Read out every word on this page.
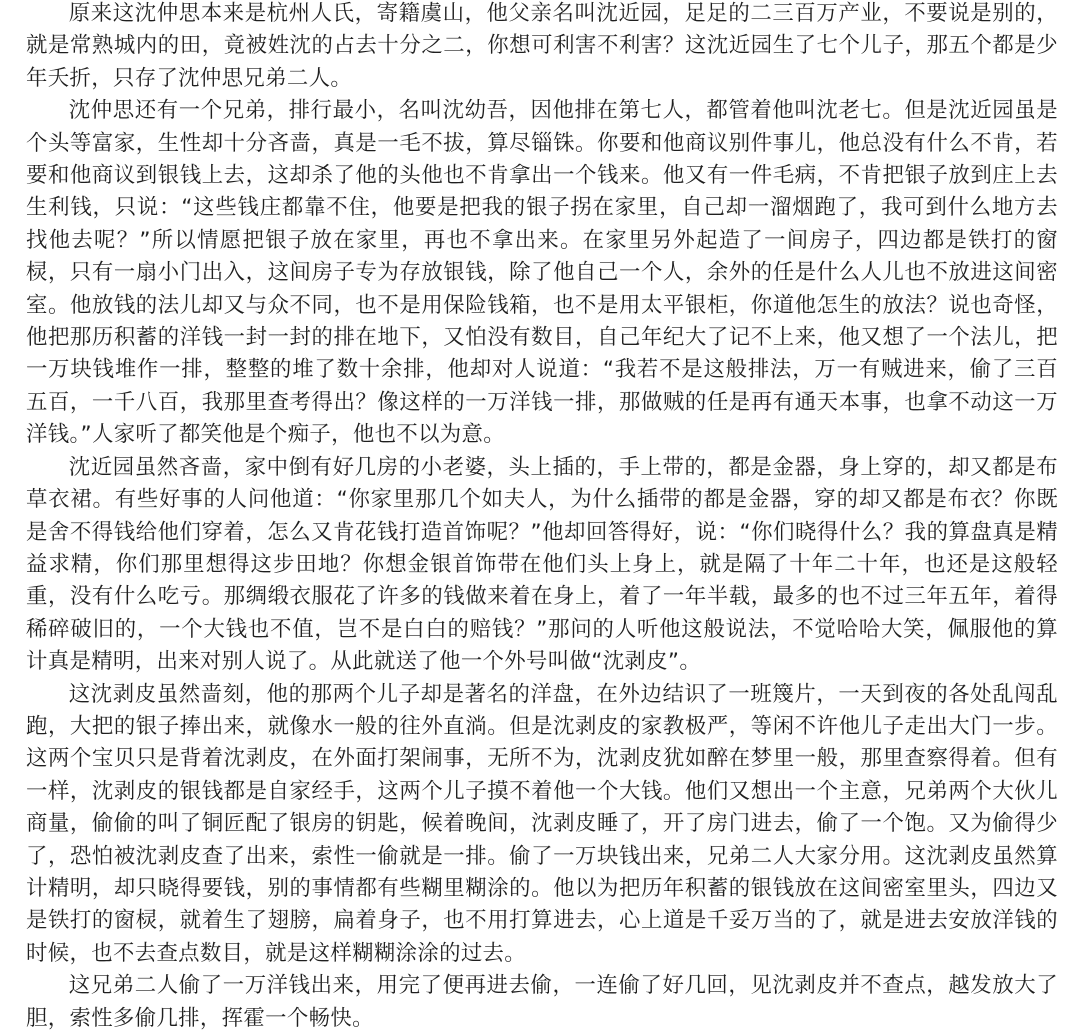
原来这沈仲思本来是杭州人氏，寄籍虞山，他父亲名叫沈近园，足足的二三百万产业，不要说是别的，就是常熟城内的田，竟被姓沈的占去十分之二，你想可利害不利害？这沈近园生了七个儿子，那五个都是少年夭折，只存了沈仲思兄弟二人。

沈仲思还有一个兄弟，排行最小，名叫沈幼吾，因他排在第七人，都管着他叫沈老七。但是沈近园虽是个头等富家，生性却十分吝啬，真是一毛不拔，算尽锱铢。你要和他商议别件事儿，他总没有什么不肯，若要和他商议到银钱上去，这却杀了他的头他也不肯拿出一个钱来。他又有一件毛病，不肯把银子放到庄上去生利钱，只说：“这些钱庄都靠不住，他要是把我的银子拐在家里，自己却一溜烟跑了，我可到什么地方去找他去呢？”所以情愿把银子放在家里，再也不拿出来。在家里另外起造了一间房子，四边都是铁打的窗棂，只有一扇小门出入，这间房子专为存放银钱，除了他自己一个人，余外的任是什么人儿也不放进这间密室。他放钱的法儿却又与众不同，也不是用保险钱箱，也不是用太平银柜，你道他怎生的放法？说也奇怪，他把那历积蓄的洋钱一封一封的排在地下，又怕没有数目，自己年纪大了记不上来，他又想了一个法儿，把一万块钱堆作一排，整整的堆了数十余排，他却对人说道：“我若不是这般排法，万一有贼进来，偷了三百五百，一千八百，我那里查考得出？像这样的一万洋钱一排，那做贼的任是再有通天本事，也拿不动这一万洋钱。”人家听了都笑他是个痴子，他也不以为意。

沈近园虽然吝啬，家中倒有好几房的小老婆，头上插的，手上带的，都是金器，身上穿的，却又都是布草衣裙。有些好事的人问他道：“你家里那几个如夫人，为什么插带的都是金器，穿的却又都是布衣？你既是舍不得钱给他们穿着，怎么又肯花钱打造首饰呢？”他却回答得好，说：“你们晓得什么？我的算盘真是精益求精，你们那里想得这步田地？你想金银首饰带在他们头上身上，就是隔了十年二十年，也还是这般轻重，没有什么吃亏。那绸缎衣服花了许多的钱做来着在身上，着了一年半载，最多的也不过三年五年，着得稀碎破旧的，一个大钱也不值，岂不是白白的赔钱？”那问的人听他这般说法，不觉哈哈大笑，佩服他的算计真是精明，出来对别人说了。从此就送了他一个外号叫做“沈剥皮”。

这沈剥皮虽然啬刻，他的那两个儿子却是著名的洋盘，在外边结识了一班篾片，一天到夜的各处乱闯乱跑，大把的银子捧出来，就像水一般的往外直淌。但是沈剥皮的家教极严，等闲不许他儿子走出大门一步。这两个宝贝只是背着沈剥皮，在外面打架闹事，无所不为，沈剥皮犹如醉在梦里一般，那里查察得着。但有一样，沈剥皮的银钱都是自家经手，这两个儿子摸不着他一个大钱。他们又想出一个主意，兄弟两个大伙儿商量，偷偷的叫了铜匠配了银房的钥匙，候着晚间，沈剥皮睡了，开了房门进去，偷了一个饱。又为偷得少了，恐怕被沈剥皮查了出来，索性一偷就是一排。偷了一万块钱出来，兄弟二人大家分用。这沈剥皮虽然算计精明，却只晓得要钱，别的事情都有些糊里糊涂的。他以为把历年积蓄的银钱放在这间密室里头，四边又是铁打的窗棂，就着生了翅膀，扁着身子，也不用打算进去，心上道是千妥万当的了，就是进去安放洋钱的时候，也不去查点数目，就是这样糊糊涂涂的过去。

这兄弟二人偷了一万洋钱出来，用完了便再进去偷，一连偷了好几回，见沈剥皮并不查点，越发放大了胆，索性多偷几排，挥霍一个畅快。
